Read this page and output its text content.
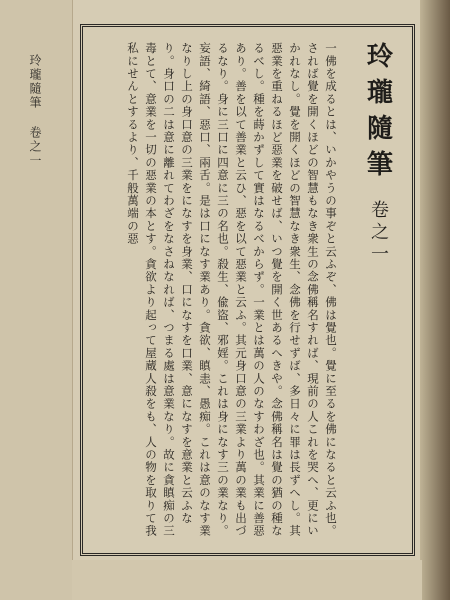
玲瓏隨筆 卷之一	玲瓏隨筆
卷之一

一佛を成るとは、いかやうの事ぞと云ふぞ、佛は覺也。覺に至るを佛になると云ふ也。されば覺を開くほどの智慧もなき衆生の念佛稱名すれば、現前の人これを哭へ、更にいかれなし。覺を開くほどの智慧なき衆生、念佛を行せずば、多日々に罪は長ずへし。其惡業を重ねるほど惡業を破せば、いつ覺を開く世あるへきや。念佛稱名は覺の猶の種なるべし。種を蒔かずして實はなるべからず。一業とは萬の人のなすわざ也。其業に善惡あり。善を以て善業と云ひ、惡を以て惡業と云ふ。其元身口意の三業より萬の業も出づるなり。身に三口に四意に三の名也。殺生、偸盜、邪婬。これは身になす三の業なり。妄語、綺語、惡口、兩舌。是は口になす業あり。貪欲、瞋恚、愚痴。これは意のなす業なりし上の身口意の三業をになすを身業、口になすを口業、意になすを意業と云ふなり。身口の二は意に離れてわざをなさねなれば、つまる處は意業なり。故に貪瞋痴の三毒とて、意業を一切の惡業の本とす。貪欲より起って屋蔵人殺をも、人の物を取りて我私にせんとするより、千般萬端の惡
